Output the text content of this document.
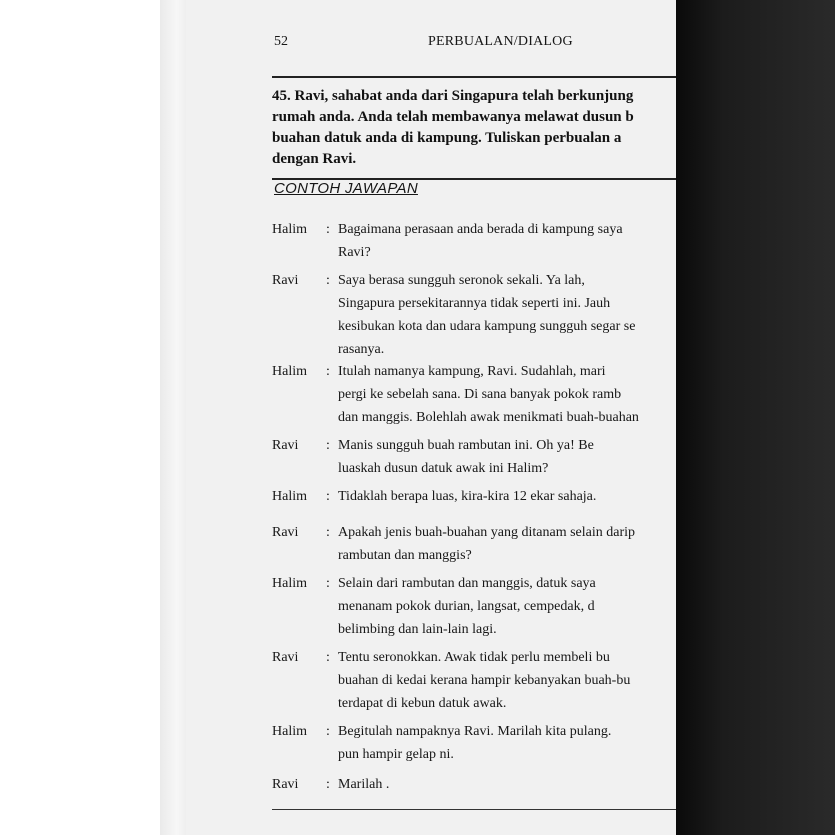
52	PERBUALAN/DIALOG

45. Ravi, sahabat anda dari Singapura telah berkunjung
rumah anda. Anda telah membawanya melawat dusun b
buahan datuk anda di kampung. Tuliskan perbualan a
dengan Ravi.

CONTOH JAWAPAN
Halim : Bagaimana perasaan anda berada di kampung saya
Ravi?
Ravi : Saya berasa sungguh seronok sekali. Ya lah,
Singapura persekitarannya tidak seperti ini. Jauh
kesibukan kota dan udara kampung sungguh segar se
rasanya.
Halim : Itulah namanya kampung, Ravi. Sudahlah, mari
pergi ke sebelah sana. Di sana banyak pokok ramb
dan manggis. Bolehlah awak menikmati buah-buahan
Ravi : Manis sungguh buah rambutan ini. Oh ya! Be
luaskah dusun datuk awak ini Halim?
Halim : Tidaklah berapa luas, kira-kira 12 ekar sahaja.
Ravi : Apakah jenis buah-buahan yang ditanam selain darip
rambutan dan manggis?
Halim : Selain dari rambutan dan manggis, datuk saya
menanam pokok durian, langsat, cempedak, d
belimbing dan lain-lain lagi.
Ravi : Tentu seronokkan. Awak tidak perlu membeli bu
buahan di kedai kerana hampir kebanyakan buah-bu
terdapat di kebun datuk awak.
Halim : Begitulah nampaknya Ravi. Marilah kita pulang.
pun hampir gelap ni.
Ravi : Marilah .
